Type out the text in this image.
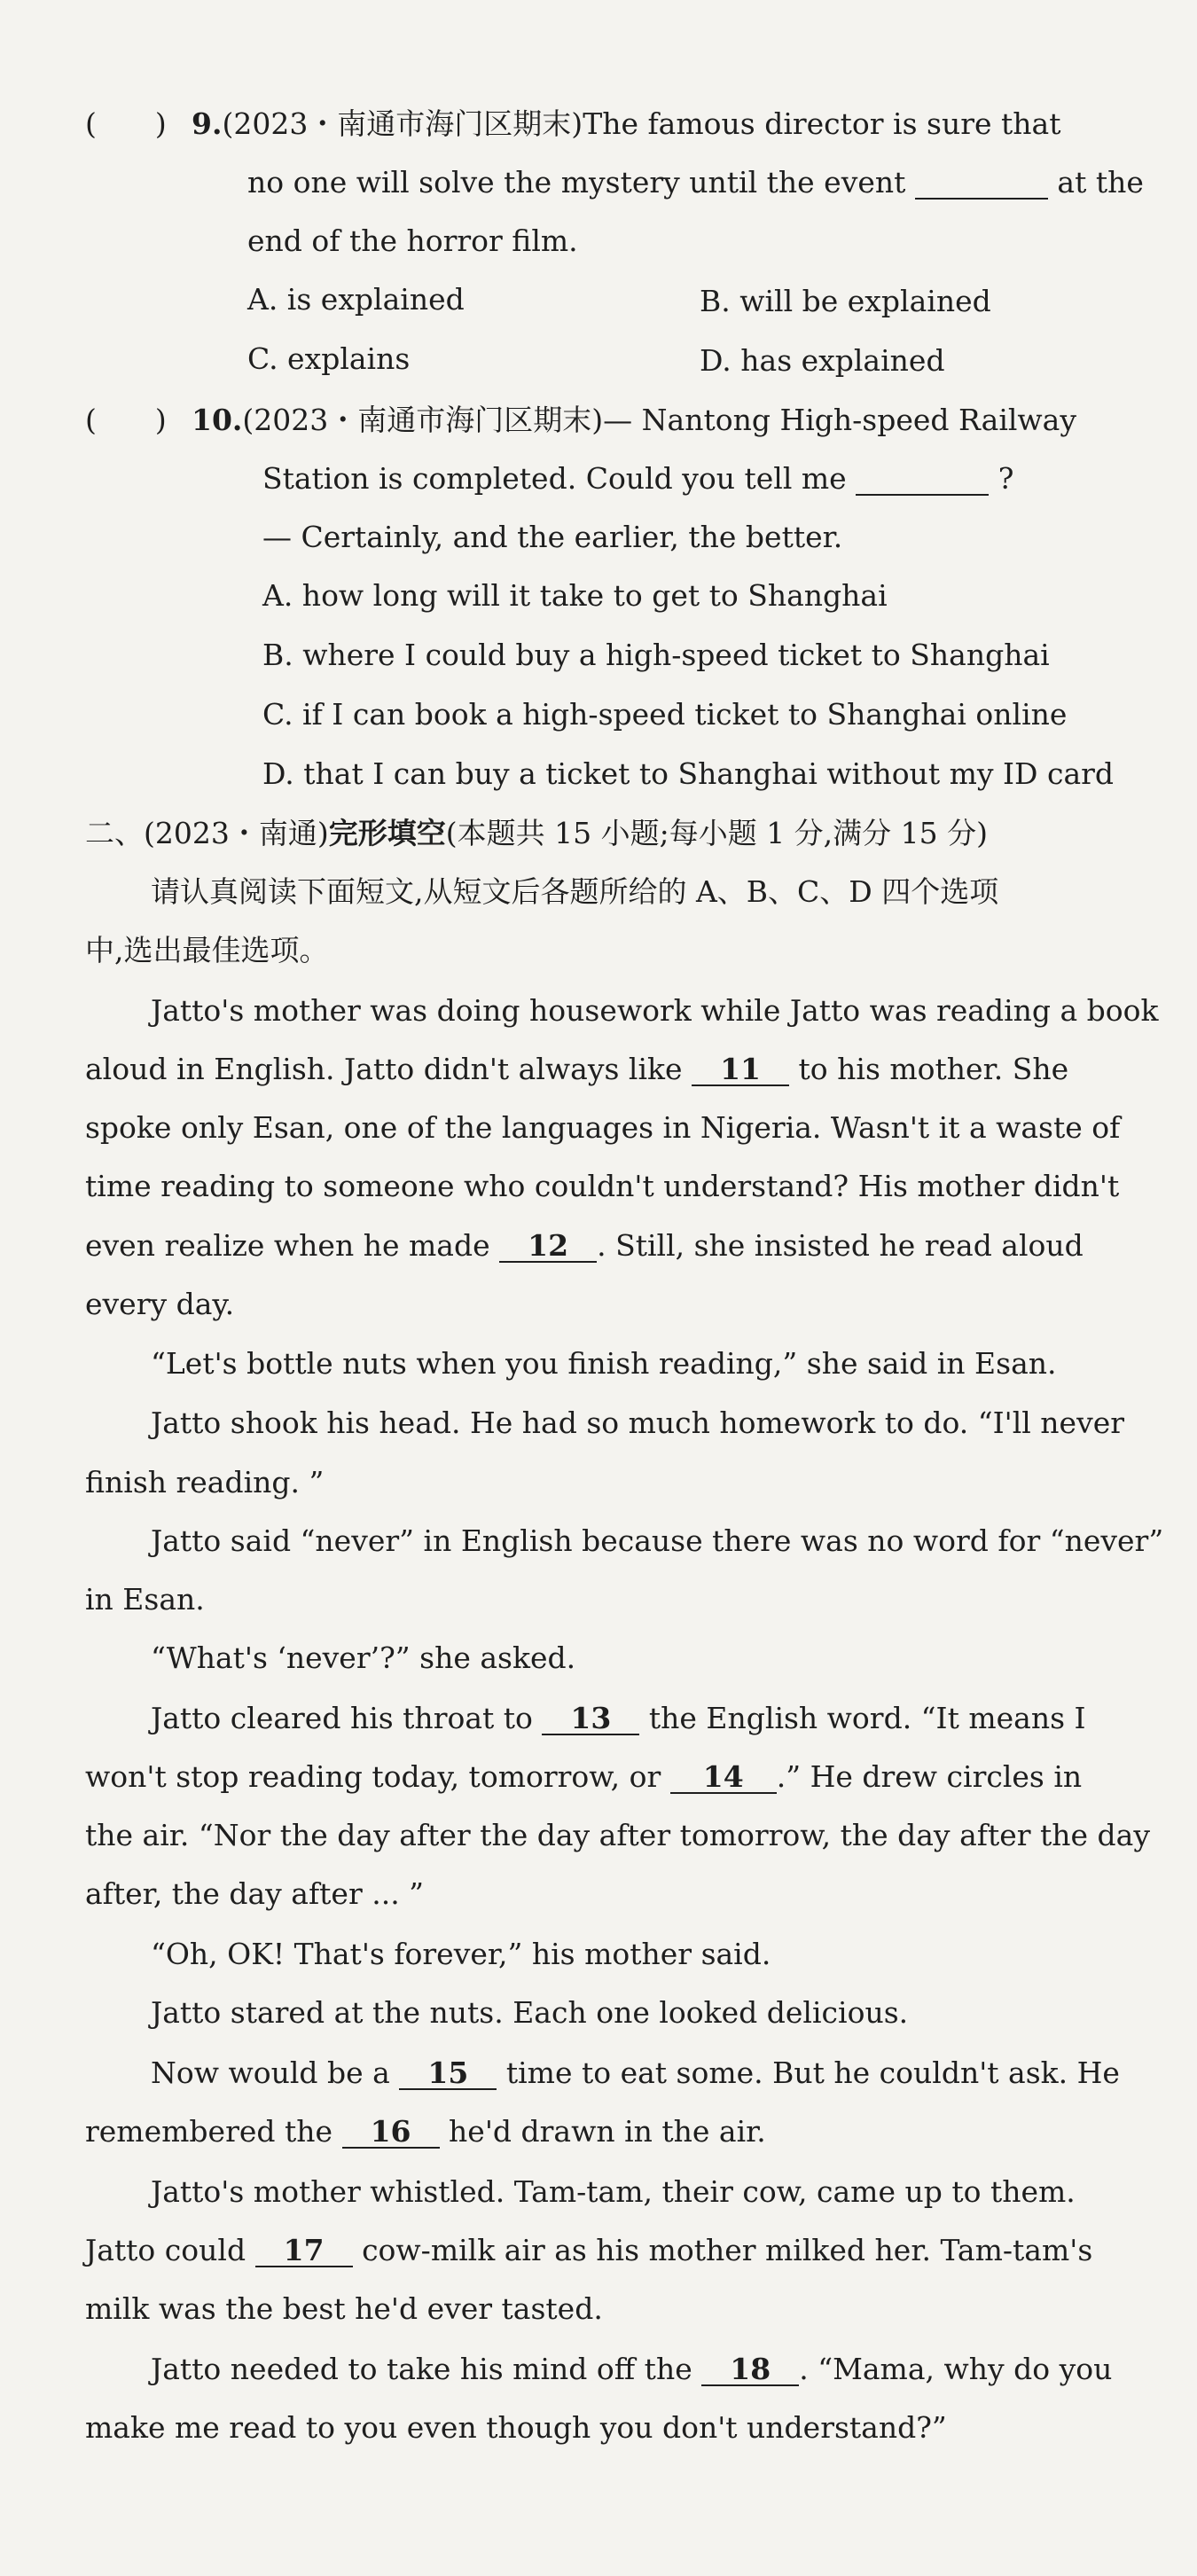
(　　) 9.(2023・南通市海门区期末)The famous director is sure that
no one will solve the mystery until the event	at the
end of the horror film.
A. is explained	B. will be explained
C. explains	D. has explained
(　　) 10.(2023・南通市海门区期末)— Nantong High-speed Railway
Station is completed. Could you tell me	?
— Certainly, and the earlier, the better.
A. how long will it take to get to Shanghai
B. where I could buy a high-speed ticket to Shanghai
C. if I can book a high-speed ticket to Shanghai online
D. that I can buy a ticket to Shanghai without my ID card
二、(2023・南通)完形填空(本题共 15 小题;每小题 1 分,满分 15 分)
请认真阅读下面短文,从短文后各题所给的 A、B、C、D 四个选项
中,选出最佳选项。
Jatto's mother was doing housework while Jatto was reading a book
aloud in English. Jatto didn't always like 11 to his mother. She
spoke only Esan, one of the languages in Nigeria. Wasn't it a waste of
time reading to someone who couldn't understand? His mother didn't
even realize when he made 12 . Still, she insisted he read aloud
every day.
“Let's bottle nuts when you finish reading,” she said in Esan.
Jatto shook his head. He had so much homework to do. “I'll never
finish reading. ”
Jatto said “never” in English because there was no word for “never”
in Esan.
“What's ‘never’?” she asked.
Jatto cleared his throat to 13 the English word. “It means I
won't stop reading today, tomorrow, or 14 .” He drew circles in
the air. “Nor the day after the day after tomorrow, the day after the day
after, the day after ... ”
“Oh, OK! That's forever,” his mother said.
Jatto stared at the nuts. Each one looked delicious.
Now would be a 15 time to eat some. But he couldn't ask. He
remembered the 16 he'd drawn in the air.
Jatto's mother whistled. Tam-tam, their cow, came up to them.
Jatto could 17 cow-milk air as his mother milked her. Tam-tam's
milk was the best he'd ever tasted.
Jatto needed to take his mind off the 18 . “Mama, why do you
make me read to you even though you don't understand?”
